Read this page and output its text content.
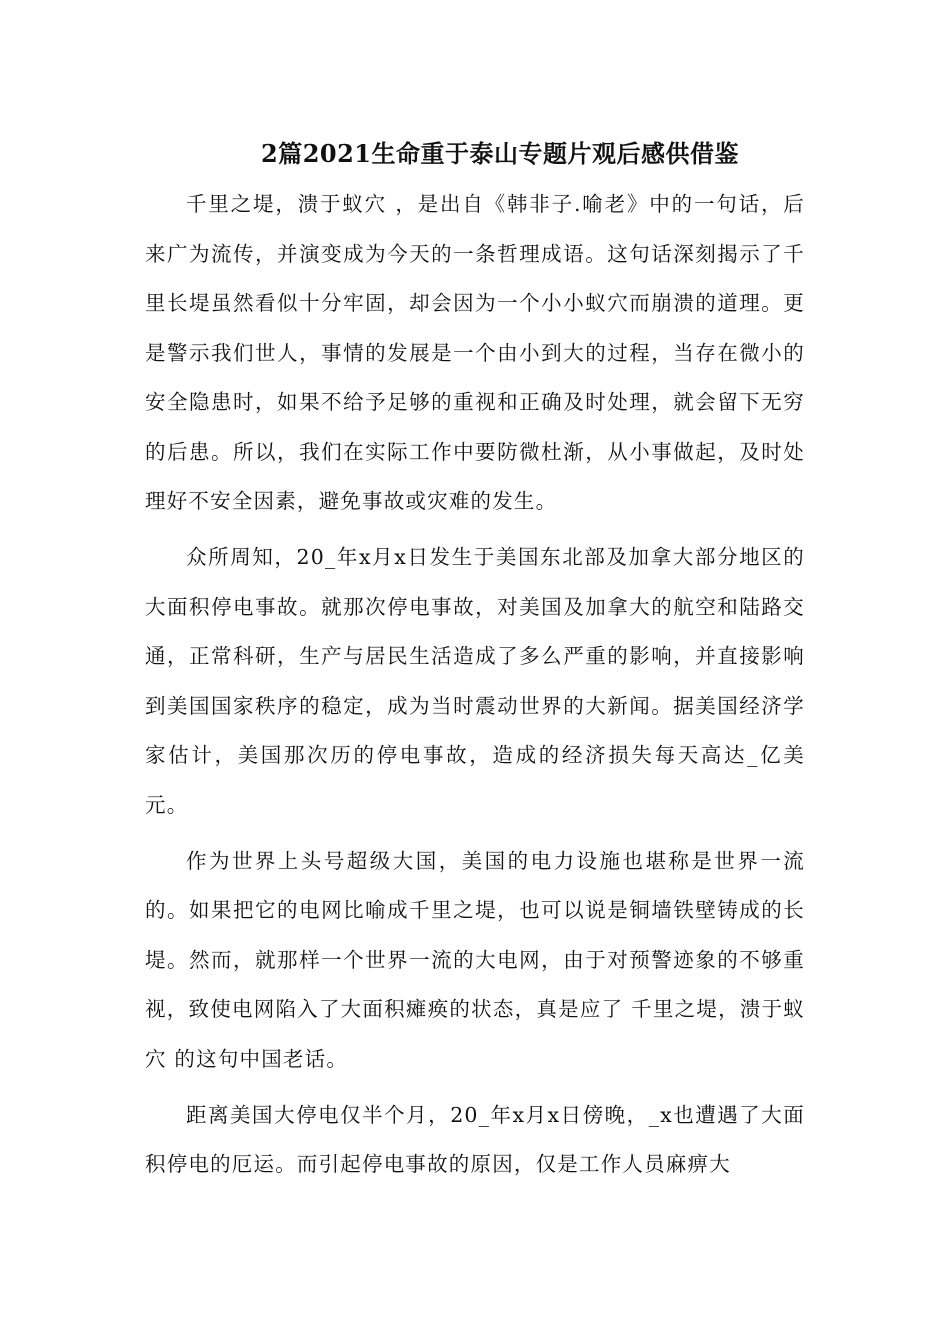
2篇2021生命重于泰山专题片观后感供借鉴

千里之堤，溃于蚁穴 ，是出自《韩非子.喻老》中的一句话，后来广为流传，并演变成为今天的一条哲理成语。这句话深刻揭示了千里长堤虽然看似十分牢固，却会因为一个小小蚁穴而崩溃的道理。更是警示我们世人，事情的发展是一个由小到大的过程，当存在微小的安全隐患时，如果不给予足够的重视和正确及时处理，就会留下无穷的后患。所以，我们在实际工作中要防微杜渐，从小事做起，及时处理好不安全因素，避免事故或灾难的发生。

众所周知，20_年x月x日发生于美国东北部及加拿大部分地区的大面积停电事故。就那次停电事故，对美国及加拿大的航空和陆路交通，正常科研，生产与居民生活造成了多么严重的影响，并直接影响到美国国家秩序的稳定，成为当时震动世界的大新闻。据美国经济学家估计，美国那次历的停电事故，造成的经济损失每天高达_亿美元。

作为世界上头号超级大国，美国的电力设施也堪称是世界一流的。如果把它的电网比喻成千里之堤，也可以说是铜墙铁壁铸成的长堤。然而，就那样一个世界一流的大电网，由于对预警迹象的不够重视，致使电网陷入了大面积瘫痪的状态，真是应了 千里之堤，溃于蚁穴 的这句中国老话。

距离美国大停电仅半个月，20_年x月x日傍晚，_x也遭遇了大面积停电的厄运。而引起停电事故的原因，仅是工作人员麻痹大
